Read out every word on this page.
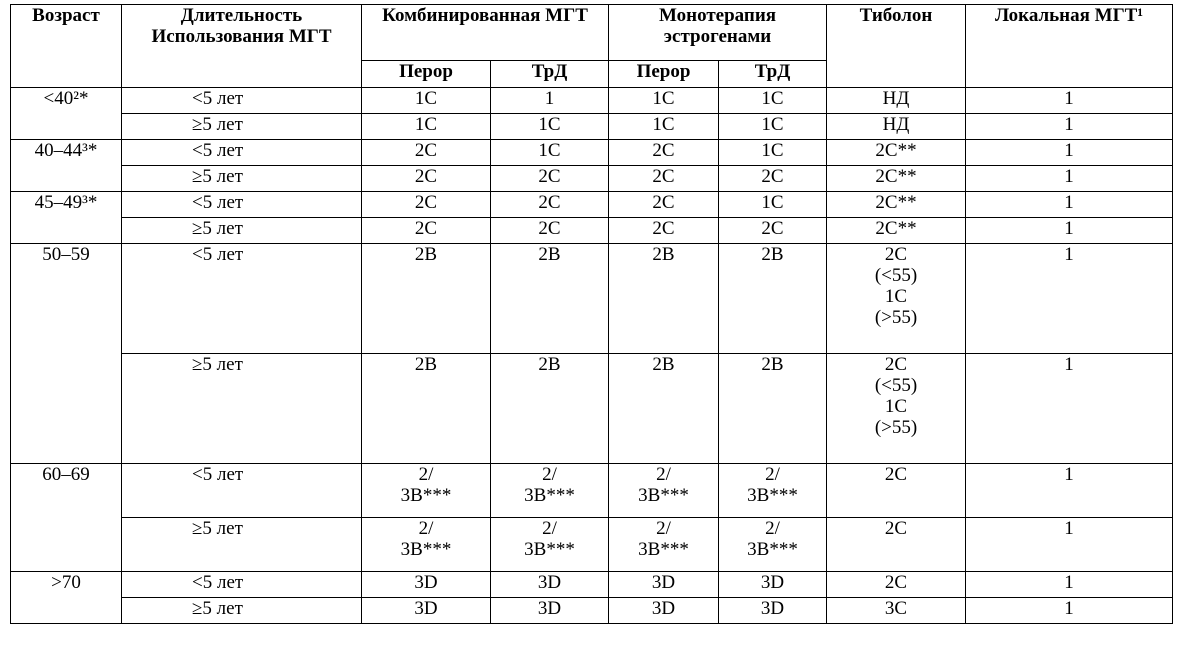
Возраст	Длительность Использования МГТ	Комбинированная МГТ		Монотерапия эстрогенами		Тиболон	Локальная МГТ¹
		Перор	ТрД	Перор	ТрД		
<40²*	<5 лет	1C	1	1C	1C	НД	1
	≥5 лет	1C	1C	1C	1C	НД	1
40–44³*	<5 лет	2C	1C	2C	1C	2C**	1
	≥5 лет	2C	2C	2C	2C	2C**	1
45–49³*	<5 лет	2C	2C	2C	1C	2C**	1
	≥5 лет	2C	2C	2C	2C	2C**	1
50–59	<5 лет	2B	2B	2B	2B	2C
(<55)
1C
(>55)	1
	≥5 лет	2B	2B	2B	2B	2C
(<55)
1C
(>55)	1
60–69	<5 лет	2/
3B***	2/
3B***	2/
3B***	2/
3B***	2C	1
	≥5 лет	2/
3B***	2/
3B***	2/
3B***	2/
3B***	2C	1
>70	<5 лет	3D	3D	3D	3D	2C	1
	≥5 лет	3D	3D	3D	3D	3C	1
